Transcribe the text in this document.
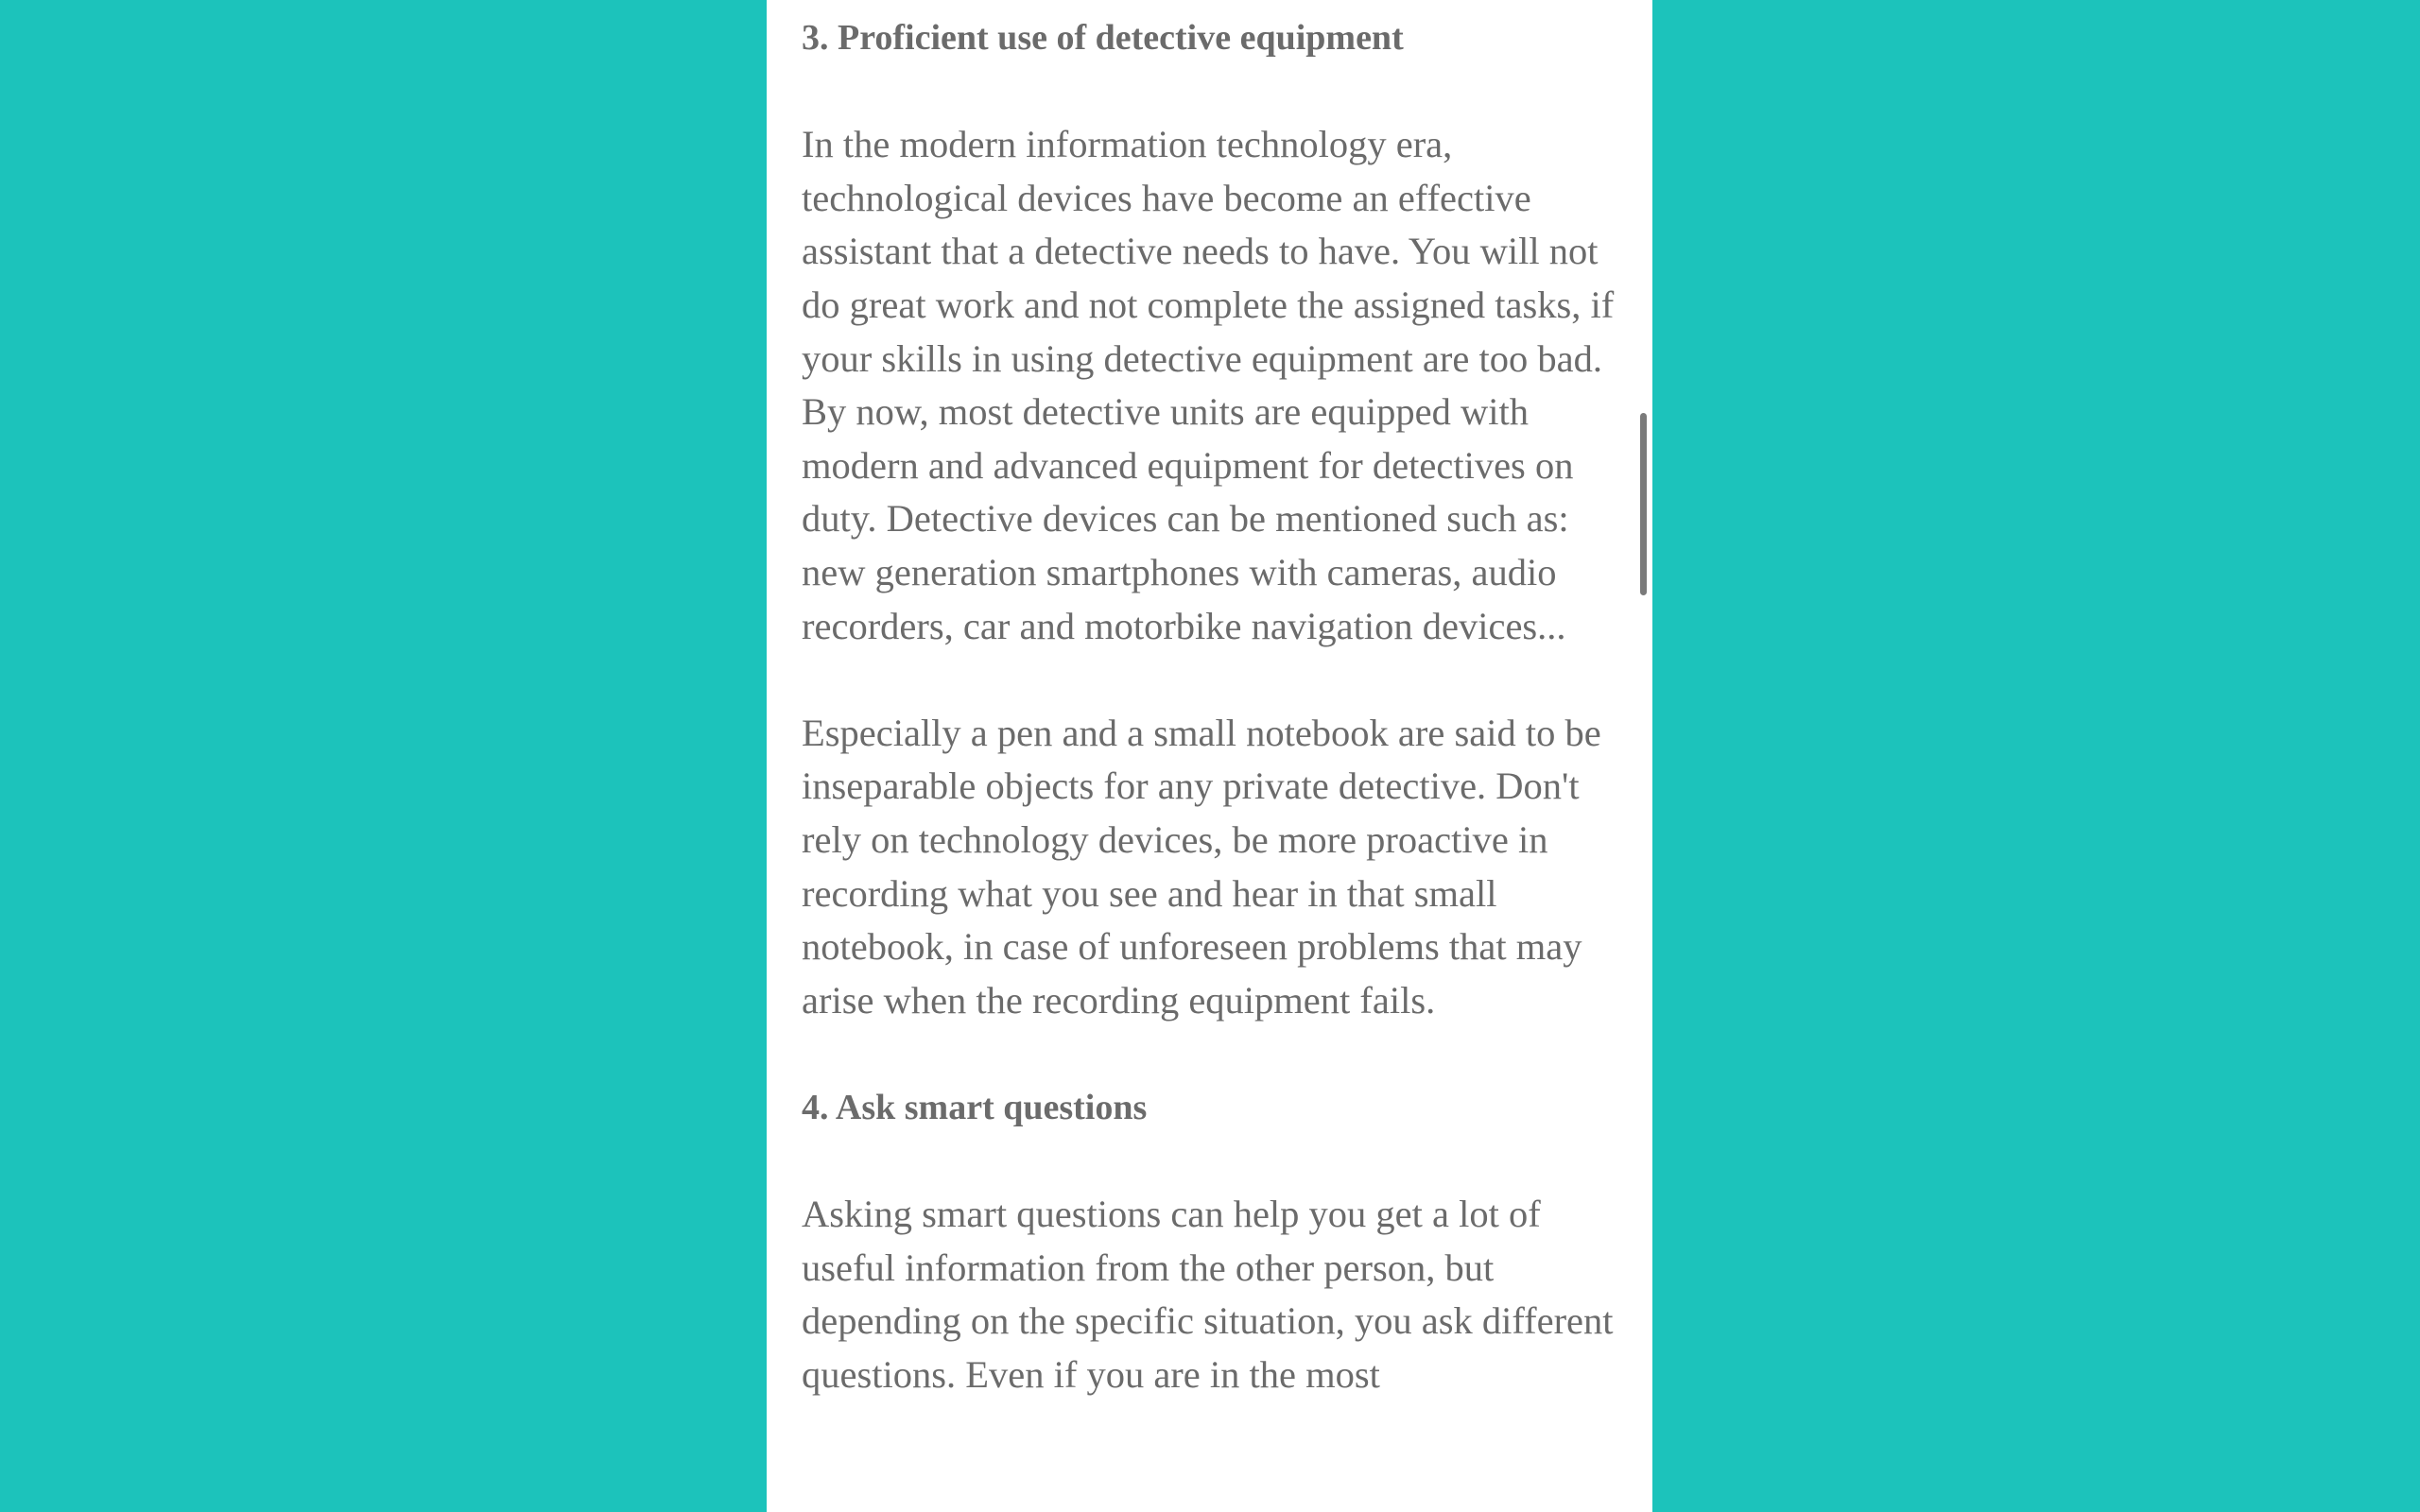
3. Proficient use of detective equipment

In the modern information technology era, technological devices have become an effective assistant that a detective needs to have. You will not do great work and not complete the assigned tasks, if your skills in using detective equipment are too bad. By now, most detective units are equipped with modern and advanced equipment for detectives on duty. Detective devices can be mentioned such as: new generation smartphones with cameras, audio recorders, car and motorbike navigation devices...

Especially a pen and a small notebook are said to be inseparable objects for any private detective. Don't rely on technology devices, be more proactive in recording what you see and hear in that small notebook, in case of unforeseen problems that may arise when the recording equipment fails.

4. Ask smart questions

Asking smart questions can help you get a lot of useful information from the other person, but depending on the specific situation, you ask different questions. Even if you are in the most
